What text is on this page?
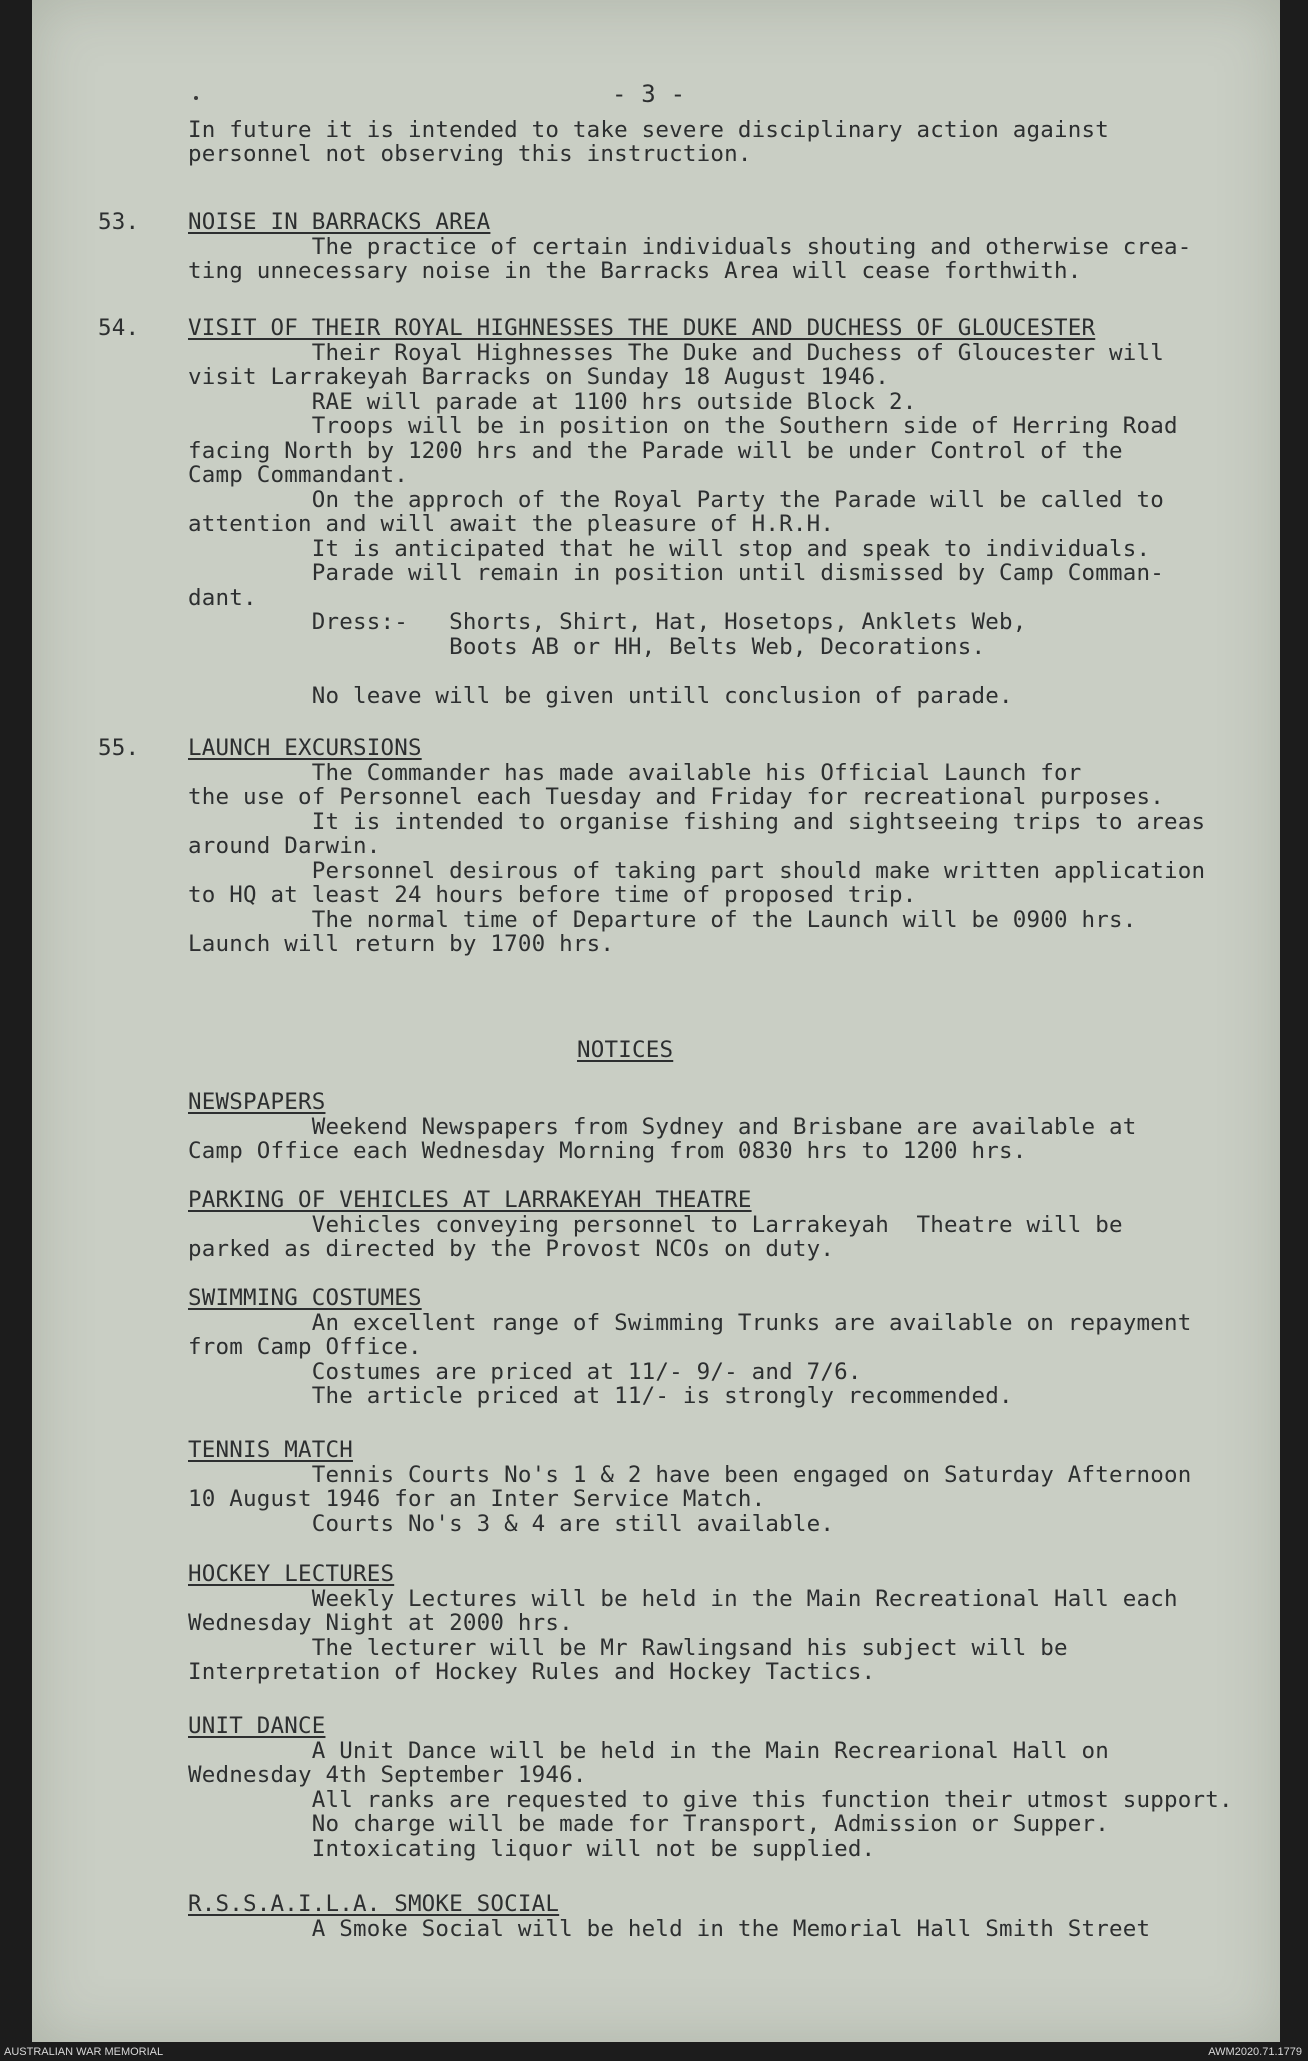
- 3 -
In future it is intended to take severe disciplinary action against
personnel not observing this instruction.
53. NOISE IN BARRACKS AREA
The practice of certain individuals shouting and otherwise crea-
ting unnecessary noise in the Barracks Area will cease forthwith.
54. VISIT OF THEIR ROYAL HIGHNESSES THE DUKE AND DUCHESS OF GLOUCESTER
Their Royal Highnesses The Duke and Duchess of Gloucester will
visit Larrakeyah Barracks on Sunday 18 August 1946.
RAE will parade at 1100 hrs outside Block 2.
Troops will be in position on the Southern side of Herring Road
facing North by 1200 hrs and the Parade will be under Control of the
Camp Commandant.
On the approch of the Royal Party the Parade will be called to
attention and will await the pleasure of H.R.H.
It is anticipated that he will stop and speak to individuals.
Parade will remain in position until dismissed by Camp Comman-
dant.
Dress:-   Shorts, Shirt, Hat, Hosetops, Anklets Web,
Boots AB or HH, Belts Web, Decorations.
No leave will be given untill conclusion of parade.
55. LAUNCH EXCURSIONS
The Commander has made available his Official Launch for
the use of Personnel each Tuesday and Friday for recreational purposes.
It is intended to organise fishing and sightseeing trips to areas
around Darwin.
Personnel desirous of taking part should make written application
to HQ at least 24 hours before time of proposed trip.
The normal time of Departure of the Launch will be 0900 hrs.
Launch will return by 1700 hrs.
NOTICES
NEWSPAPERS
Weekend Newspapers from Sydney and Brisbane are available at
Camp Office each Wednesday Morning from 0830 hrs to 1200 hrs.
PARKING OF VEHICLES AT LARRAKEYAH THEATRE
Vehicles conveying personnel to Larrakeyah  Theatre will be
parked as directed by the Provost NCOs on duty.
SWIMMING COSTUMES
An excellent range of Swimming Trunks are available on repayment
from Camp Office.
Costumes are priced at 11/- 9/- and 7/6.
The article priced at 11/- is strongly recommended.
TENNIS MATCH
Tennis Courts No's 1 & 2 have been engaged on Saturday Afternoon
10 August 1946 for an Inter Service Match.
Courts No's 3 & 4 are still available.
HOCKEY LECTURES
Weekly Lectures will be held in the Main Recreational Hall each
Wednesday Night at 2000 hrs.
The lecturer will be Mr Rawlingsand his subject will be
Interpretation of Hockey Rules and Hockey Tactics.
UNIT DANCE
A Unit Dance will be held in the Main Recrearional Hall on
Wednesday 4th September 1946.
All ranks are requested to give this function their utmost support.
No charge will be made for Transport, Admission or Supper.
Intoxicating liquor will not be supplied.
R.S.S.A.I.L.A. SMOKE SOCIAL
A Smoke Social will be held in the Memorial Hall Smith Street
AUSTRALIAN WAR MEMORIAL	AWM2020.71.1779
